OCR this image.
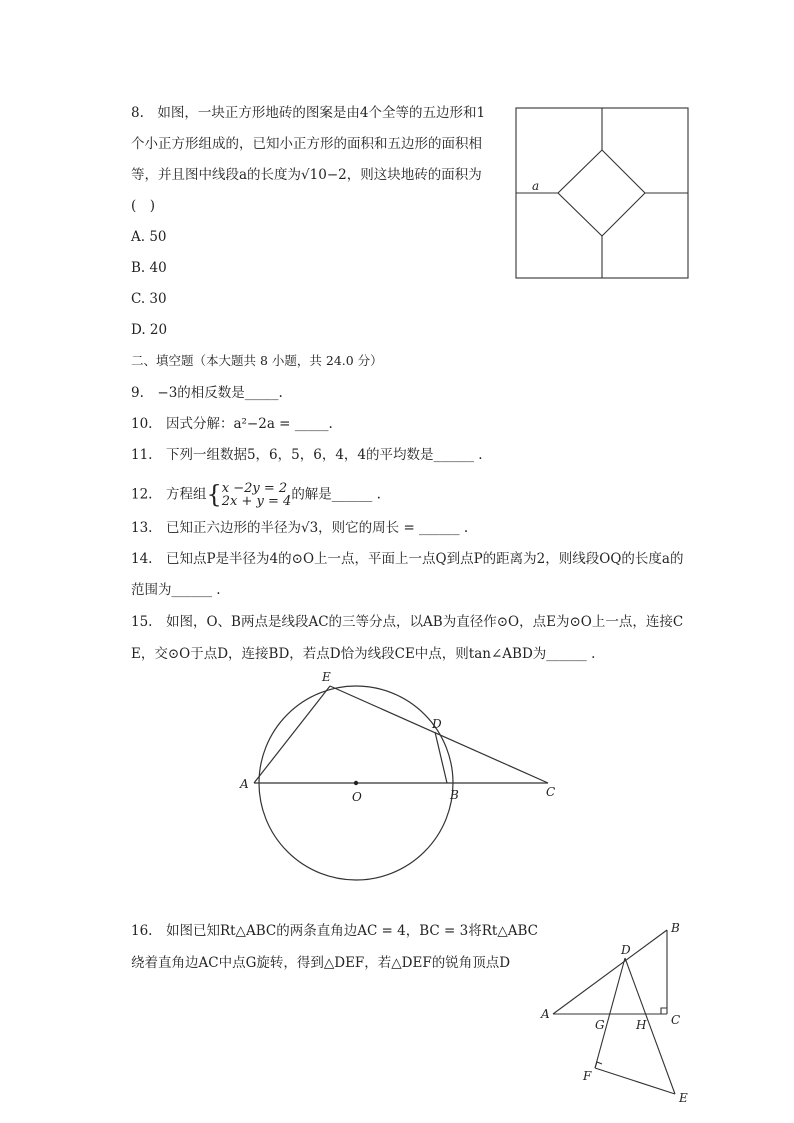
8.　如图，一块正方形地砖的图案是由4个全等的五边形和1
个小正方形组成的，已知小正方形的面积和五边形的面积相
等，并且图中线段a的长度为√10−2，则这块地砖的面积为
(　)
A. 50
B. 40
C. 30
D. 20
a
二、填空题（本大题共 8 小题，共 24.0 分）
9.　−3的相反数是_____.
10.　因式分解：a²−2a = _____.
11.　下列一组数据5，6，5，6，4，4的平均数是______ .
12.　方程组{ x −2y = 2
2x + y = 4 的解是______ .
13.　已知正六边形的半径为√3，则它的周长 = ______ .
14.　已知点P是半径为4的⊙O上一点，平面上一点Q到点P的距离为2，则线段OQ的长度a的
范围为______ .
15.　如图，O、B两点是线段AC的三等分点，以AB为直径作⊙O，点E为⊙O上一点，连接C
E，交⊙O于点D，连接BD，若点D恰为线段CE中点，则tan∠ABD为______ .
A
O	B	C
E
D
16.　如图已知Rt△ABC的两条直角边AC = 4，BC = 3将Rt△ABC
绕着直角边AC中点G旋转，得到△DEF，若△DEF的锐角顶点D
B
D
A
G	H C
F
E
